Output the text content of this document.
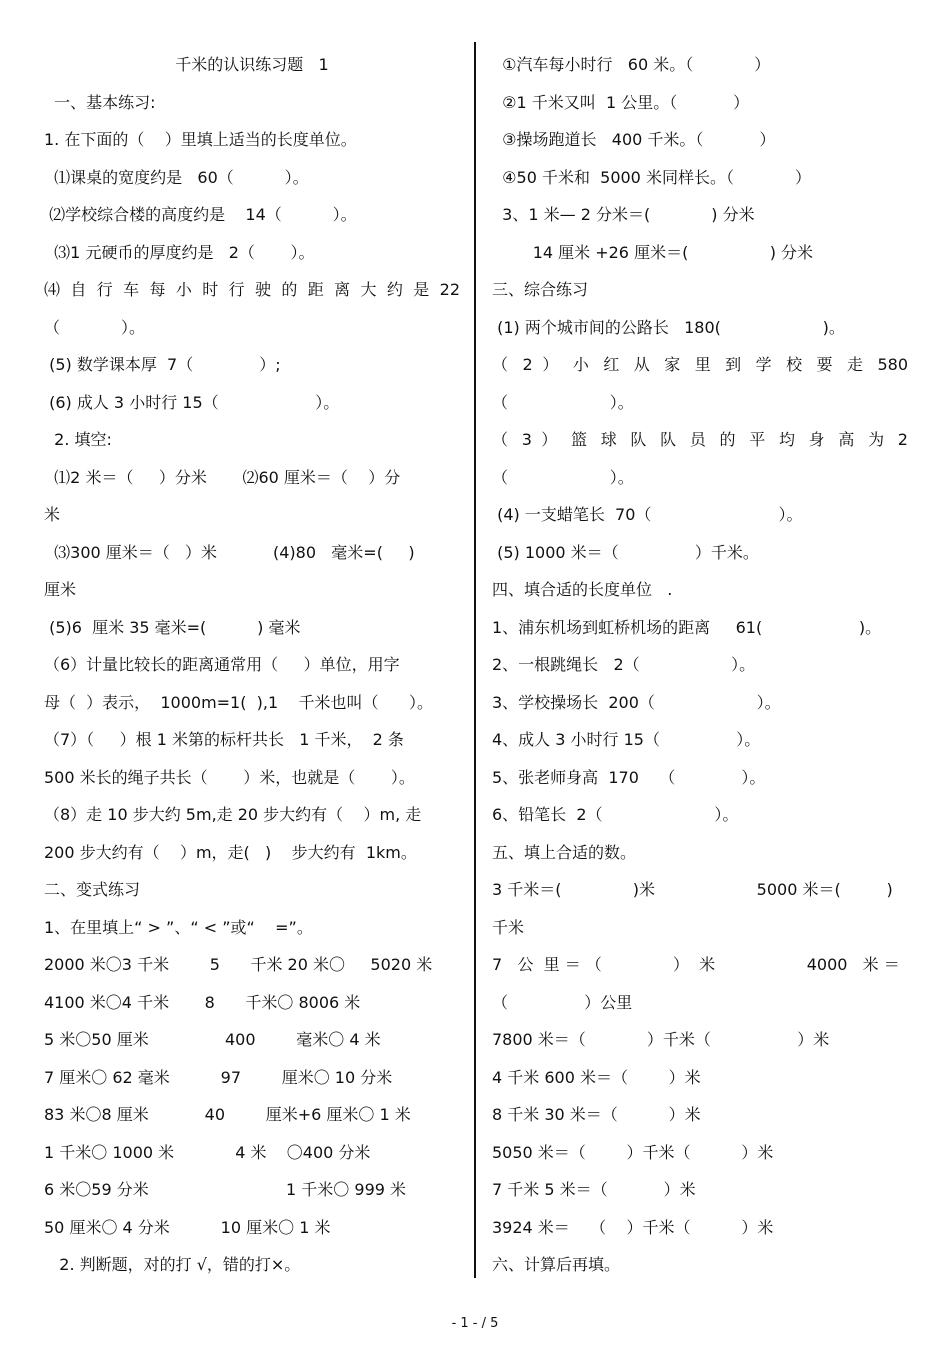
千米的认识练习题   1
一、基本练习:
1. 在下面的（    ）里填上适当的长度单位。
⑴课桌的宽度约是   60（          ）。
⑵学校综合楼的高度约是    14（          ）。
⑶1 元硬币的厚度约是   2（       ）。
⑷ 自 行 车 每 小 时 行 驶 的 距 离 大 约 是 22
（            ）。
(5) 数学课本厚  7（             ）;
(6) 成人 3 小时行 15（                   ）。
2. 填空:
⑴2 米＝（     ）分米       ⑵60 厘米＝（    ）分
米
⑶300 厘米＝（   ）米           (4)80   毫米=(     )
厘米
(5)6  厘米 35 毫米=(          ) 毫米
（6）计量比较长的距离通常用（     ）单位，用字
母（  ）表示，  1000m=1(  ),1    千米也叫（      ）。
（7）（     ）根 1 米第的标杆共长   1 千米，  2 条
500 米长的绳子共长（       ）米，也就是（       ）。
（8）走 10 步大约 5m,走 20 步大约有（    ）m, 走
200 步大约有（    ）m，走(   )    步大约有  1km。
二、变式练习
1、在里填上“ > ”、“ < ”或“    =”。
2000 米〇3 千米        5      千米 20 米〇     5020 米
4100 米〇4 千米       8      千米〇 8006 米
5 米〇50 厘米               400        毫米〇 4 米
7 厘米〇 62 毫米          97        厘米〇 10 分米
83 米〇8 厘米           40        厘米+6 厘米〇 1 米
1 千米〇 1000 米            4 米    〇400 分米
6 米〇59 分米                           1 千米〇 999 米
50 厘米〇 4 分米          10 厘米〇 1 米
2. 判断题，对的打 √，错的打×。
①汽车每小时行   60 米。（            ）
②1 千米又叫  1 公里。（           ）
③操场跑道长   400 千米。（           ）
④50 千米和  5000 米同样长。（            ）
3、1 米— 2 分米＝(            ) 分米
14 厘米 +26 厘米＝(                ) 分米
三、综合练习
(1) 两个城市间的公路长   180(                    )。
（ 2 ） 小 红 从 家 里 到 学 校 要 走 580
（                    ）。
（ 3 ） 篮 球 队 队 员 的 平 均 身 高 为 2
（                    ）。
(4) 一支蜡笔长  70（                         ）。
(5) 1000 米＝（               ）千米。
四、填合适的长度单位   .
1、浦东机场到虹桥机场的距离     61(                   )。
2、一根跳绳长   2（                  ）。
3、学校操场长  200（                    ）。
4、成人 3 小时行 15（               ）。
5、张老师身高  170    （             ）。
6、铅笔长  2（                      ）。
五、填上合适的数。
3 千米＝(              )米                    5000 米＝(         )
千米
7   公  里 ＝ （              ）  米                  4000   米 ＝
（               ）公里
7800 米＝（            ）千米（                 ）米
4 千米 600 米＝（        ）米
8 千米 30 米＝（          ）米
5050 米＝（        ）千米（          ）米
7 千米 5 米＝（           ）米
3924 米＝    （    ）千米（          ）米
六、计算后再填。
- 1 - / 5
